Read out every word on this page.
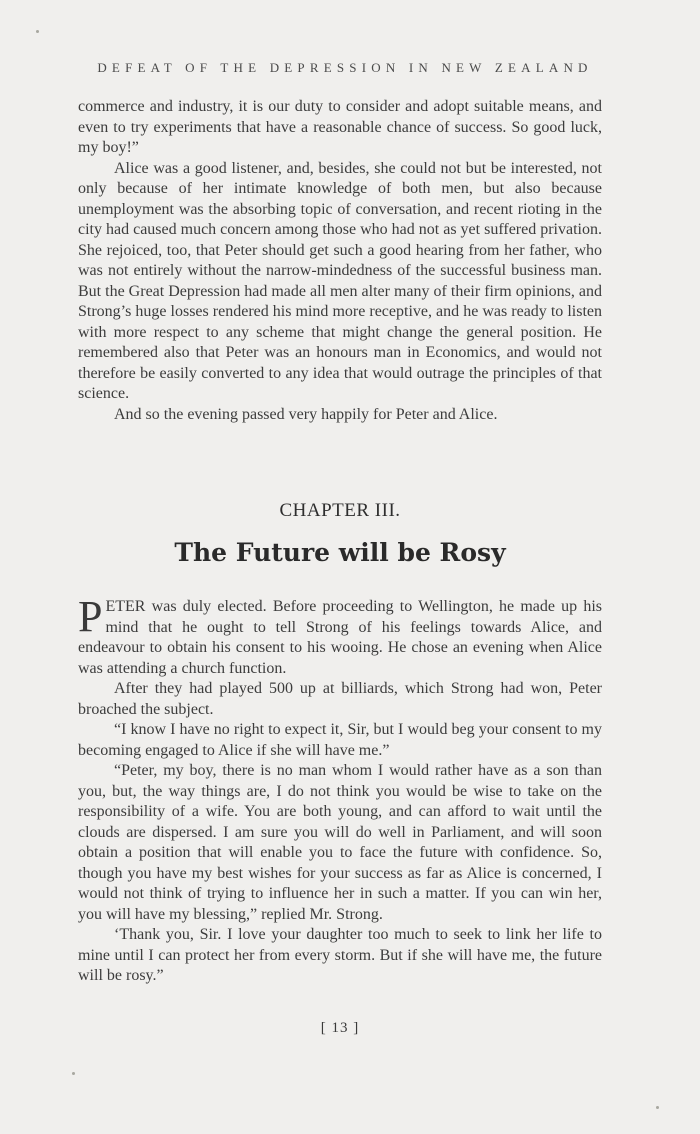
DEFEAT OF THE DEPRESSION IN NEW ZEALAND

commerce and industry, it is our duty to consider and adopt suitable means, and even to try experiments that have a reasonable chance of success. So good luck, my boy!”

Alice was a good listener, and, besides, she could not but be interested, not only because of her intimate knowledge of both men, but also because unemployment was the absorbing topic of conversation, and recent rioting in the city had caused much concern among those who had not as yet suffered privation. She rejoiced, too, that Peter should get such a good hearing from her father, who was not entirely without the narrow-mindedness of the successful business man. But the Great Depression had made all men alter many of their firm opinions, and Strong’s huge losses rendered his mind more receptive, and he was ready to listen with more respect to any scheme that might change the general position. He remembered also that Peter was an honours man in Economics, and would not therefore be easily converted to any idea that would outrage the principles of that science.

And so the evening passed very happily for Peter and Alice.

CHAPTER III.
The Future will be Rosy

PETER was duly elected. Before proceeding to Wellington, he made up his mind that he ought to tell Strong of his feelings towards Alice, and endeavour to obtain his consent to his wooing. He chose an evening when Alice was attending a church function.

After they had played 500 up at billiards, which Strong had won, Peter broached the subject.

“I know I have no right to expect it, Sir, but I would beg your consent to my becoming engaged to Alice if she will have me.”

“Peter, my boy, there is no man whom I would rather have as a son than you, but, the way things are, I do not think you would be wise to take on the responsibility of a wife. You are both young, and can afford to wait until the clouds are dispersed. I am sure you will do well in Parliament, and will soon obtain a position that will enable you to face the future with confidence. So, though you have my best wishes for your success as far as Alice is concerned, I would not think of trying to influence her in such a matter. If you can win her, you will have my blessing,” replied Mr. Strong.

‘Thank you, Sir. I love your daughter too much to seek to link her life to mine until I can protect her from every storm. But if she will have me, the future will be rosy.”

[ 13 ]
